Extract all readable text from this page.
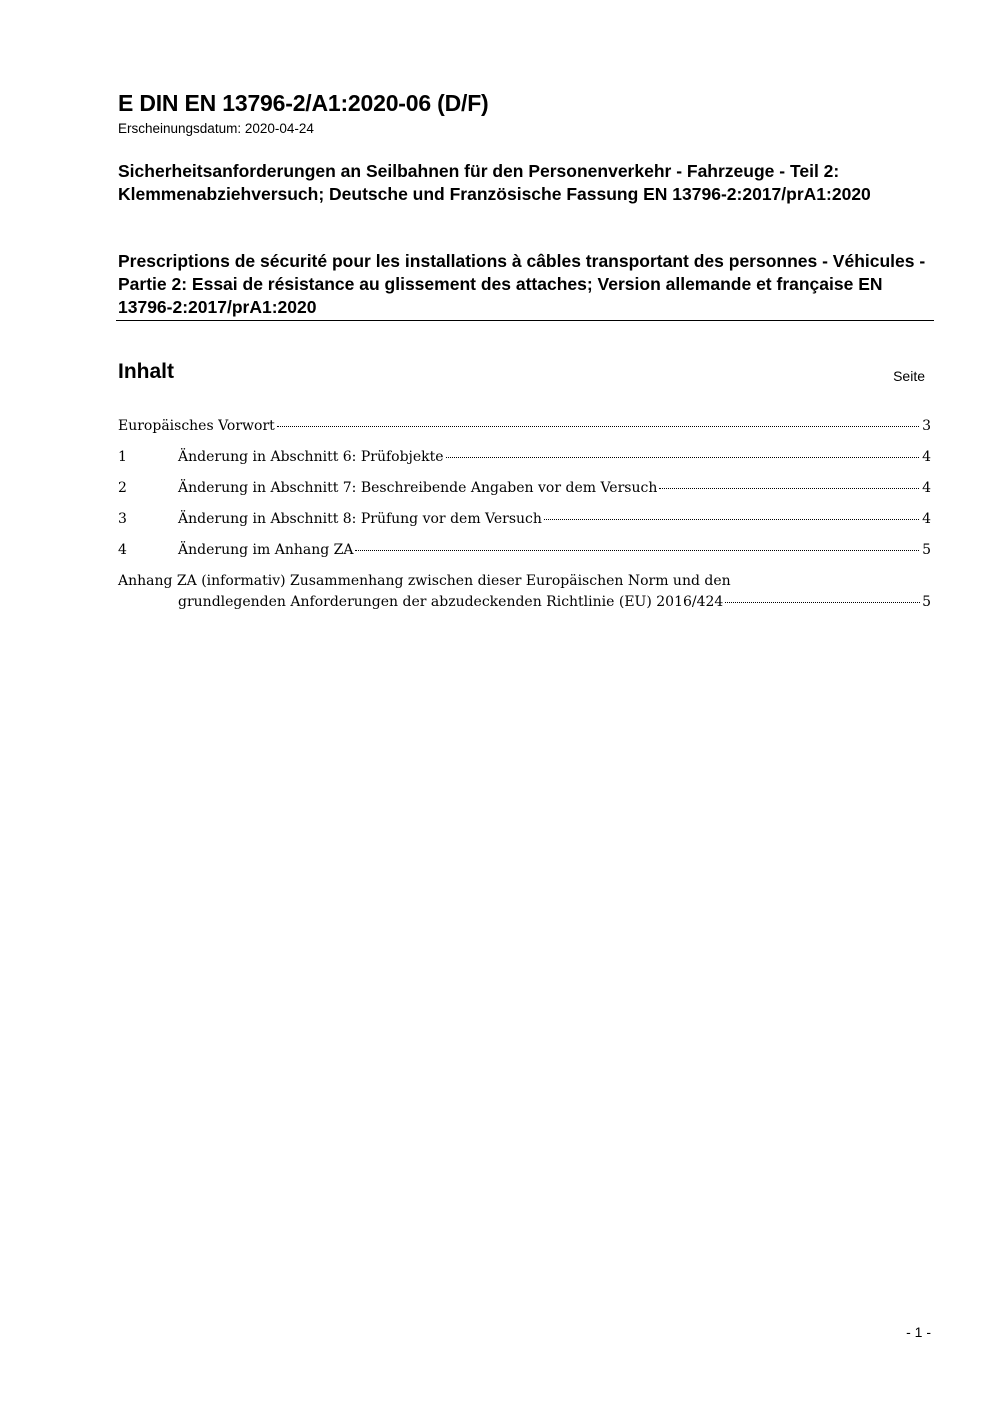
E DIN EN 13796-2/A1:2020-06 (D/F)
Erscheinungsdatum: 2020-04-24

Sicherheitsanforderungen an Seilbahnen für den Personenverkehr - Fahrzeuge - Teil 2: Klemmenabziehversuch; Deutsche und Französische Fassung EN 13796-2:2017/prA1:2020

Prescriptions de sécurité pour les installations à câbles transportant des personnes - Véhicules - Partie 2: Essai de résistance au glissement des attaches; Version allemande et française EN 13796-2:2017/prA1:2020

Inhalt	Seite
Europäisches Vorwort	3
1	Änderung in Abschnitt 6: Prüfobjekte	4
2	Änderung in Abschnitt 7: Beschreibende Angaben vor dem Versuch	4
3	Änderung in Abschnitt 8: Prüfung vor dem Versuch	4
4	Änderung im Anhang ZA	5
Anhang ZA (informativ) Zusammenhang zwischen dieser Europäischen Norm und den
grundlegenden Anforderungen der abzudeckenden Richtlinie (EU) 2016/424	5
- 1 -
